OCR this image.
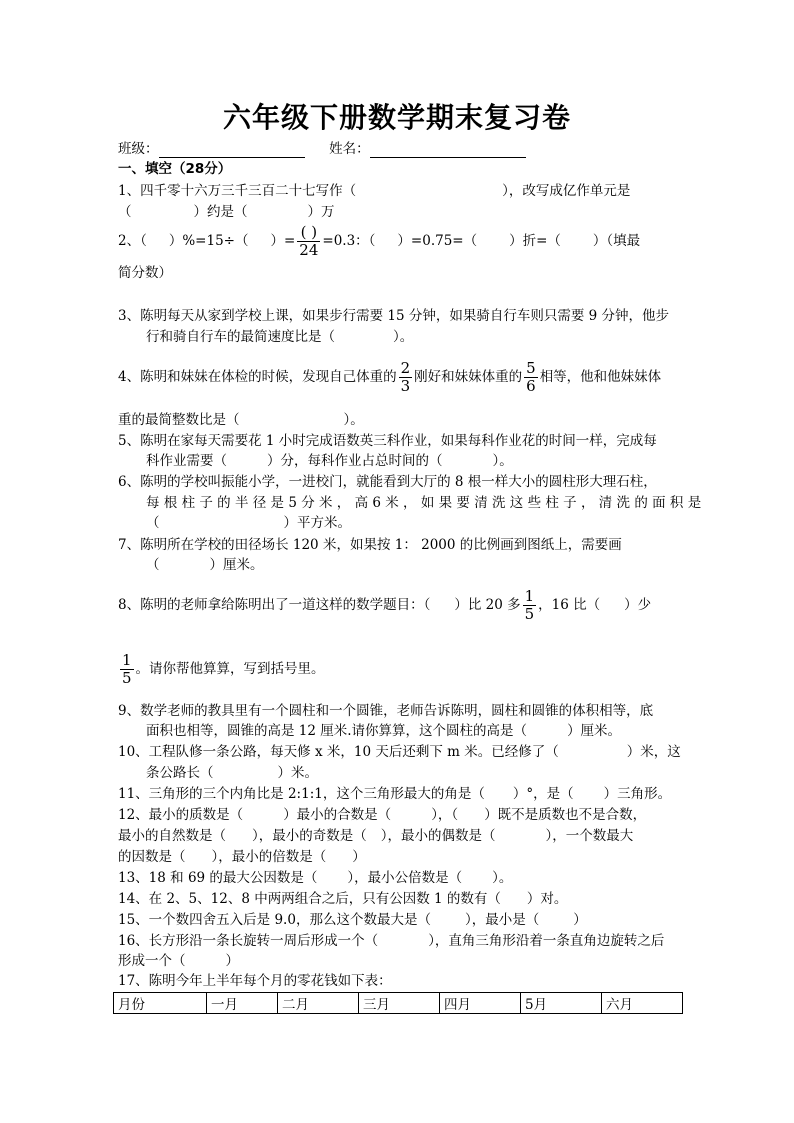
六年级下册数学期末复习卷
班级：	姓名：
一、填空（28分）
1、四千零十六万三千三百二十七写作（	），改写成亿作单元是
（	）约是（	）万
2、（ ）%=15÷（ ）= $\frac{( )}{24} =0.3$：（ ）=0.75=（ ）折=（ ）（填最
简分数）
3、陈明每天从家到学校上课，如果步行需要 15 分钟，如果骑自行车则只需要 9 分钟，他步
行和骑自行车的最简速度比是（	）。
4、陈明和妹妹在体检的时候，发现自己体重的 $\frac{2}{3}$ 刚好和妹妹体重的 $\frac{5}{6}$ 相等，他和他妹妹体
重的最简整数比是（	）。
5、陈明在家每天需要花 1 小时完成语数英三科作业，如果每科作业花的时间一样，完成每
科作业需要（	）分，每科作业占总时间的（	）。
6、陈明的学校叫振能小学，一进校门，就能看到大厅的 8 根一样大小的圆柱形大理石柱，
每 根 柱 子 的 半 径 是 5 分 米 ， 高 6 米 ， 如 果 要 清 洗 这 些 柱 子 ， 清 洗 的 面 积 是
（	）平方米。
7、陈明所在学校的田径场长 120 米，如果按 1： 2000 的比例画到图纸上，需要画
（	）厘米。
8、陈明的老师拿给陈明出了一道这样的数学题目：（ ）比 20 多 $\frac{1}{5}$ ，16 比（ ）少
$\frac{1}{5}$ 。请你帮他算算，写到括号里。
9、数学老师的教具里有一个圆柱和一个圆锥，老师告诉陈明，圆柱和圆锥的体积相等，底
面积也相等，圆锥的高是 12 厘米.请你算算，这个圆柱的高是（	）厘米。
10、工程队修一条公路，每天修 x 米，10 天后还剩下 m 米。已经修了（	）米，这
条公路长（	）米。
11、三角形的三个内角比是 2:1:1，这个三角形最大的角是（ ）°，是（ ）三角形。
12、最小的质数是（	）最小的合数是（	），（ ）既不是质数也不是合数，
最小的自然数是（ ），最小的奇数是（ ），最小的偶数是（	），一个数最大
的因数是（ ），最小的倍数是（ ）
13、18 和 69 的最大公因数是（ ），最小公倍数是（ ）。
14、在 2、5、12、8 中两两组合之后，只有公因数 1 的数有（ ）对。
15、一个数四舍五入后是 9.0，那么这个数最大是（	），最小是（	）
16、长方形沿一条长旋转一周后形成一个（	），直角三角形沿着一条直角边旋转之后
形成一个（	）
17、陈明今年上半年每个月的零花钱如下表：
月份	一月	二月	三月	四月	5月	六月
